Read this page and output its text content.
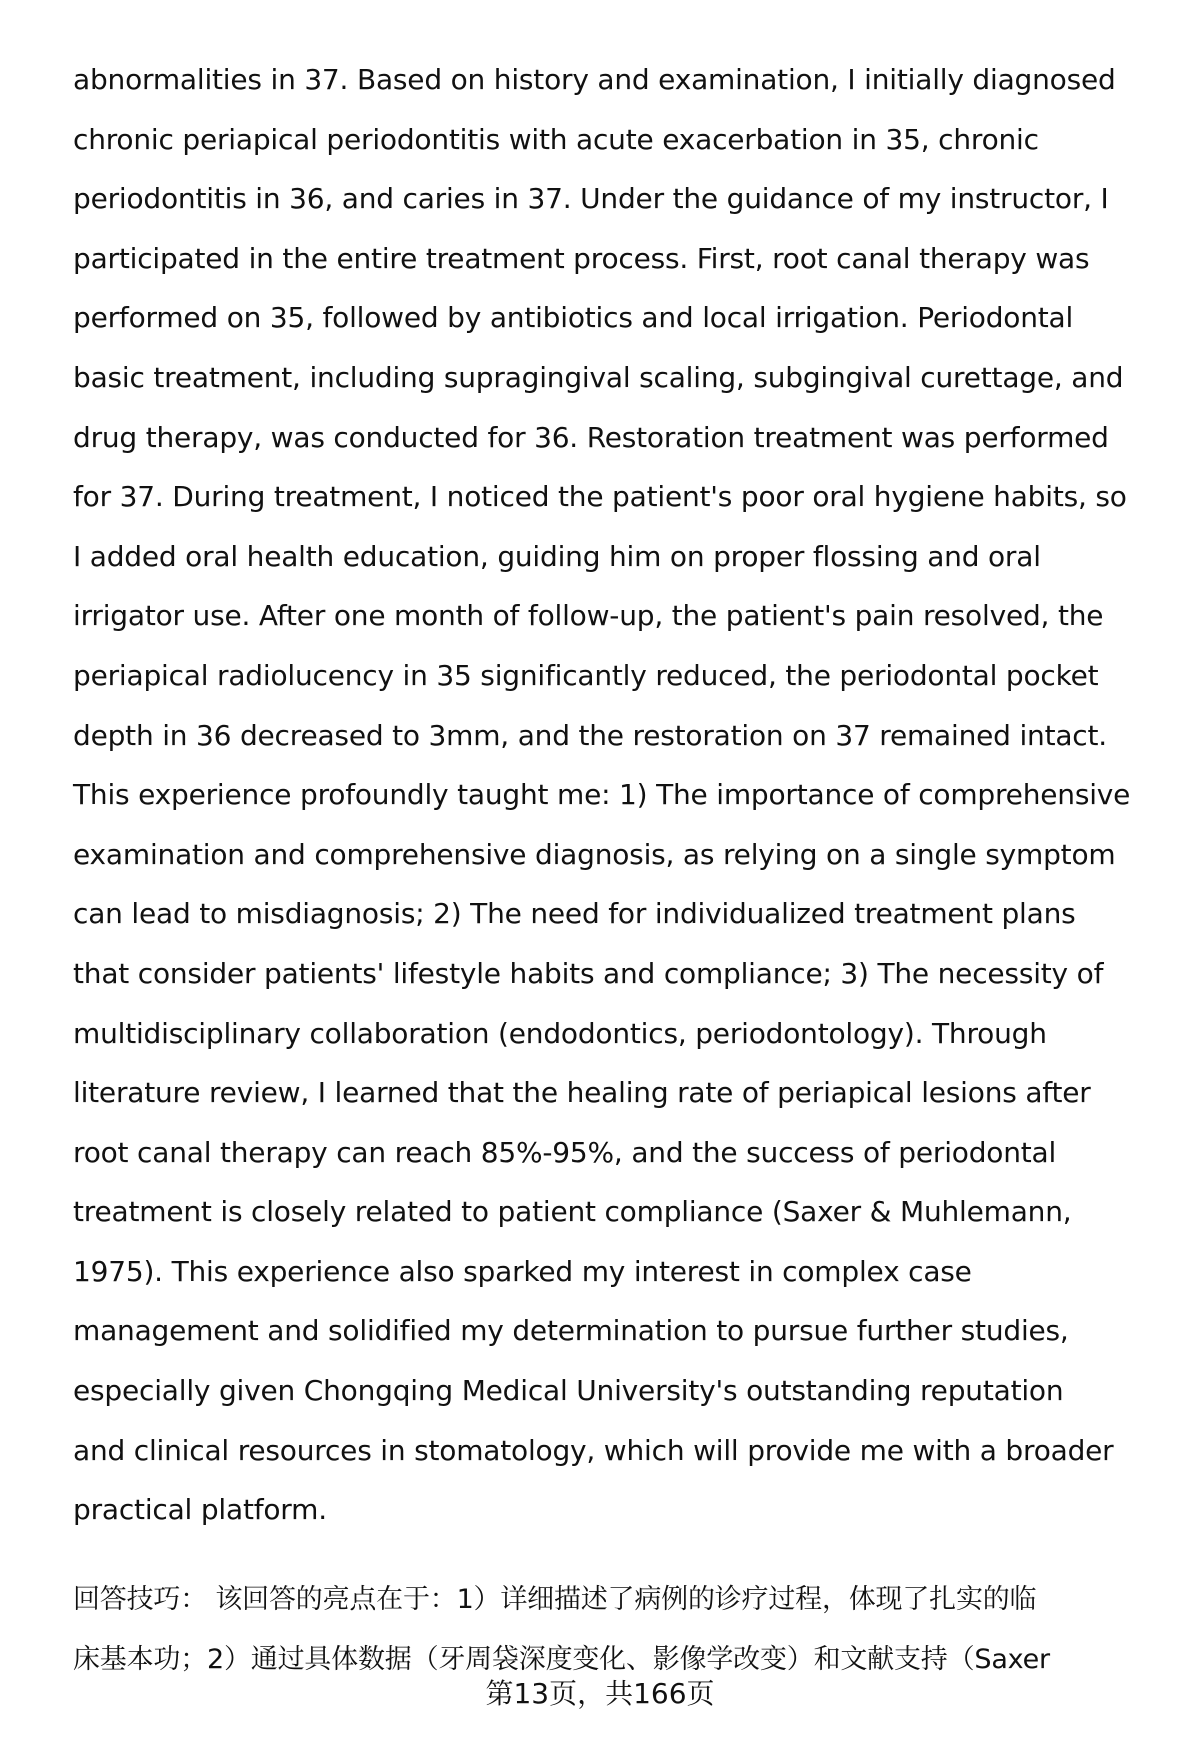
abnormalities in 37. Based on history and examination, I initially diagnosed
chronic periapical periodontitis with acute exacerbation in 35, chronic
periodontitis in 36, and caries in 37. Under the guidance of my instructor, I
participated in the entire treatment process. First, root canal therapy was
performed on 35, followed by antibiotics and local irrigation. Periodontal
basic treatment, including supragingival scaling, subgingival curettage, and
drug therapy, was conducted for 36. Restoration treatment was performed
for 37. During treatment, I noticed the patient's poor oral hygiene habits, so
I added oral health education, guiding him on proper flossing and oral
irrigator use. After one month of follow-up, the patient's pain resolved, the
periapical radiolucency in 35 significantly reduced, the periodontal pocket
depth in 36 decreased to 3mm, and the restoration on 37 remained intact.
This experience profoundly taught me: 1) The importance of comprehensive
examination and comprehensive diagnosis, as relying on a single symptom
can lead to misdiagnosis; 2) The need for individualized treatment plans
that consider patients' lifestyle habits and compliance; 3) The necessity of
multidisciplinary collaboration (endodontics, periodontology). Through
literature review, I learned that the healing rate of periapical lesions after
root canal therapy can reach 85%-95%, and the success of periodontal
treatment is closely related to patient compliance (Saxer & Muhlemann,
1975). This experience also sparked my interest in complex case
management and solidified my determination to pursue further studies,
especially given Chongqing Medical University's outstanding reputation
and clinical resources in stomatology, which will provide me with a broader
practical platform.
回答技巧： 该回答的亮点在于：1）详细描述了病例的诊疗过程，体现了扎实的临
床基本功；2）通过具体数据（牙周袋深度变化、影像学改变）和文献支持（Saxer
第13页，共166页
